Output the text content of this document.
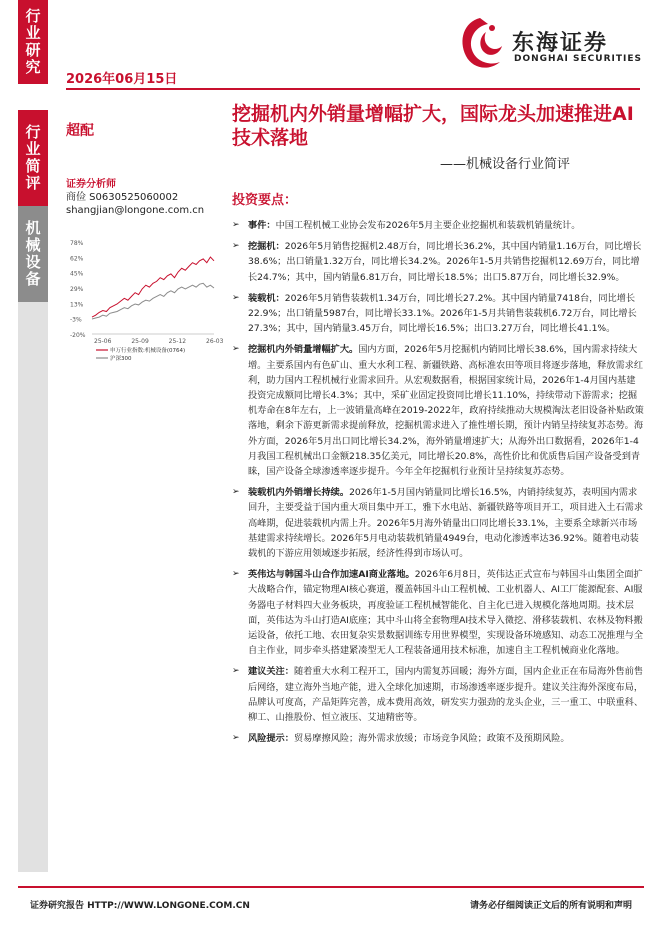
行业研究
行业简评
机械设备
东海证券
DONGHAI SECURITIES
2026年06月15日
超配
挖掘机内外销量增幅扩大，国际龙头加速推进AI技术落地
——机械设备行业简评
证券分析师
商俭 S0630525060002
shangjian@longone.com.cn
78%
62%
45%
29%
13%
-3%
-20%
25-06	25-09	25-12	26-03
申万行业指数:机械设备(0764)
沪深300
投资要点：
➢ 事件：中国工程机械工业协会发布2026年5月主要企业挖掘机和装载机销量统计。
➢ 挖掘机：2026年5月销售挖掘机2.48万台，同比增长36.2%，其中国内销量1.16万台，同比增长38.6%；出口销量1.32万台，同比增长34.2%。2026年1-5月共销售挖掘机12.69万台，同比增长24.7%；其中，国内销量6.81万台，同比增长18.5%；出口5.87万台，同比增长32.9%。
➢ 装载机：2026年5月销售装载机1.34万台，同比增长27.2%。其中国内销量7418台，同比增长22.9%；出口销量5987台，同比增长33.1%。2026年1-5月共销售装载机6.72万台，同比增长27.3%；其中，国内销量3.45万台，同比增长16.5%；出口3.27万台，同比增长41.1%。
➢ 挖掘机内外销量增幅扩大。国内方面，2026年5月挖掘机内销同比增长38.6%，国内需求持续大增。主要系国内有色矿山、重大水利工程、新疆铁路、高标准农田等项目将逐步落地，释放需求红利，助力国内工程机械行业需求回升。从宏观数据看，根据国家统计局，2026年1-4月国内基建投资完成额同比增长4.3%；其中，采矿业固定投资同比增长11.10%，持续带动下游需求；挖掘机寿命在8年左右，上一波销量高峰在2019-2022年，政府持续推动大规模淘汰老旧设备补贴政策落地，剩余下游更新需求提前释放，挖掘机需求进入了推性增长期，预计内销呈持续复苏态势。海外方面，2026年5月出口同比增长34.2%，海外销量增速扩大；从海外出口数据看，2026年1-4月我国工程机械出口金额218.35亿美元，同比增长20.8%，高性价比和优质售后国产设备受到青睐，国产设备全球渗透率逐步提升。今年全年挖掘机行业预计呈持续复苏态势。
➢ 装载机内外销增长持续。2026年1-5月国内销量同比增长16.5%，内销持续复苏，表明国内需求回升，主要受益于国内重大项目集中开工，雅下水电站、新疆铁路等项目开工，项目进入土石需求高峰期，促进装载机内需上升。2026年5月海外销量出口同比增长33.1%，主要系全球新兴市场基建需求持续增长。2026年5月电动装载机销量4949台，电动化渗透率达36.92%。随着电动装载机的下游应用领域逐步拓展，经济性得到市场认可。
➢ 英伟达与韩国斗山合作加速AI商业落地。2026年6月8日，英伟达正式宣布与韩国斗山集团全面扩大战略合作，锚定物理AI核心赛道，覆盖韩国斗山工程机械、工业机器人、AI工厂能源配套、AI服务器电子材料四大业务板块，再度验证工程机械智能化、自主化已进入规模化落地周期。技术层面，英伟达为斗山打造AI底座；其中斗山将全套物理AI技术导入微挖、滑移装载机、农林及物料搬运设备，依托工地、农田复杂实景数据训练专用世界模型，实现设备环境感知、动态工况推理与全自主作业，同步牵头搭建紧凑型无人工程装备通用技术标准，加速自主工程机械商业化落地。
➢ 建议关注：随着重大水利工程开工，国内内需复苏回暖；海外方面，国内企业正在布局海外售前售后网络，建立海外当地产能，进入全球化加速期，市场渗透率逐步提升。建议关注海外深度布局，品牌认可度高，产品矩阵完善，成本费用高效，研发实力强劲的龙头企业，三一重工、中联重科、柳工、山推股份、恒立液压、艾迪精密等。
➢ 风险提示：贸易摩擦风险；海外需求放缓；市场竞争风险；政策不及预期风险。
证券研究报告 HTTP://WWW.LONGONE.COM.CN	请务必仔细阅读正文后的所有说明和声明
